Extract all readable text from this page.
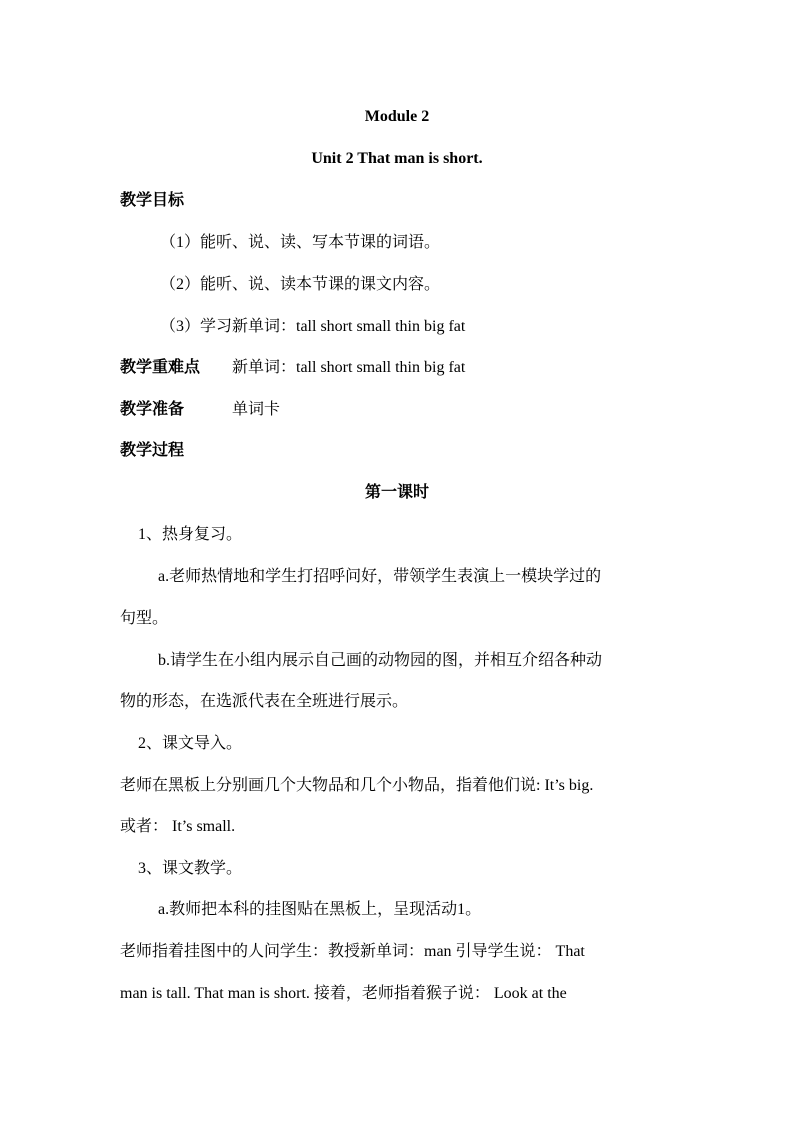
Module 2
Unit 2 That man is short.
教学目标
（1）能听、说、读、写本节课的词语。
（2）能听、说、读本节课的课文内容。
（3）学习新单词：tall short small thin big fat
教学重难点 新单词：tall short small thin big fat
教学准备	单词卡
教学过程
第一课时
1、热身复习。
a.老师热情地和学生打招呼问好，带领学生表演上一模块学过的
句型。
b.请学生在小组内展示自己画的动物园的图，并相互介绍各种动
物的形态，在选派代表在全班进行展示。
2、课文导入。
老师在黑板上分别画几个大物品和几个小物品，指着他们说: It’s big.
或者： It’s small.
3、课文教学。
a.教师把本科的挂图贴在黑板上，呈现活动1。
老师指着挂图中的人问学生：教授新单词：man 引导学生说： That
man is tall. That man is short. 接着，老师指着猴子说： Look at the
